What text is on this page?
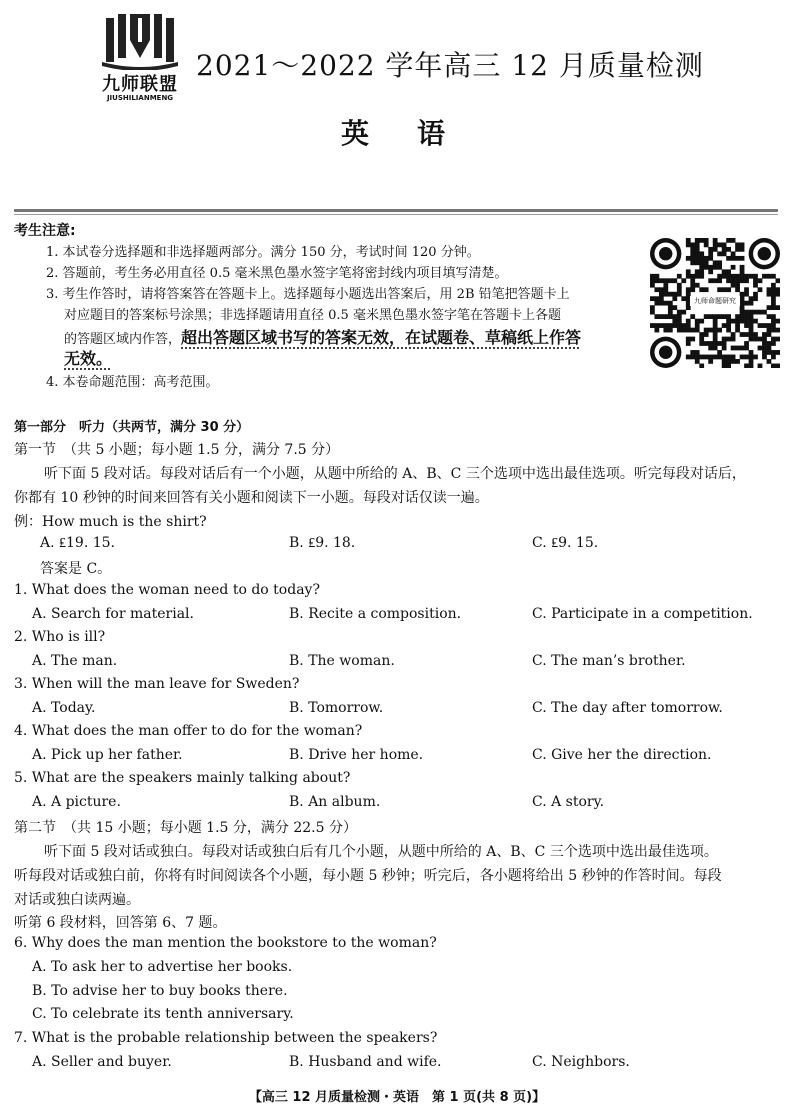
九师联盟
JIUSHILIANMENG
2021～2022 学年高三 12 月质量检测
英语
考生注意:
1. 本试卷分选择题和非选择题两部分。满分 150 分，考试时间 120 分钟。
2. 答题前，考生务必用直径 0.5 毫米黑色墨水签字笔将密封线内项目填写清楚。
3. 考生作答时，请将答案答在答题卡上。选择题每小题选出答案后，用 2B 铅笔把答题卡上
对应题目的答案标号涂黑；非选择题请用直径 0.5 毫米黑色墨水签字笔在答题卡上各题
的答题区域内作答，超出答题区域书写的答案无效，在试题卷、草稿纸上作答
无效。
4. 本卷命题范围：高考范围。
九师命题研究
第一部分　听力（共两节，满分 30 分）
第一节　（共 5 小题；每小题 1.5 分，满分 7.5 分）
听下面 5 段对话。每段对话后有一个小题，从题中所给的 A、B、C 三个选项中选出最佳选项。听完每段对话后，
你都有 10 秒钟的时间来回答有关小题和阅读下一小题。每段对话仅读一遍。
例：How much is the shirt?
A. ₤19. 15.	B. ₤9. 18.	C. ₤9. 15.
答案是 C。
1. What does the woman need to do today?
A. Search for material.	B. Recite a composition.	C. Participate in a competition.
2. Who is ill?
A. The man.	B. The woman.	C. The man’s brother.
3. When will the man leave for Sweden?
A. Today.	B. Tomorrow.	C. The day after tomorrow.
4. What does the man offer to do for the woman?
A. Pick up her father.	B. Drive her home.	C. Give her the direction.
5. What are the speakers mainly talking about?
A. A picture.	B. An album.	C. A story.
第二节　（共 15 小题；每小题 1.5 分，满分 22.5 分）
听下面 5 段对话或独白。每段对话或独白后有几个小题，从题中所给的 A、B、C 三个选项中选出最佳选项。
听每段对话或独白前，你将有时间阅读各个小题，每小题 5 秒钟；听完后，各小题将给出 5 秒钟的作答时间。每段
对话或独白读两遍。
听第 6 段材料，回答第 6、7 题。
6. Why does the man mention the bookstore to the woman?
A. To ask her to advertise her books.
B. To advise her to buy books there.
C. To celebrate its tenth anniversary.
7. What is the probable relationship between the speakers?
A. Seller and buyer.	B. Husband and wife.	C. Neighbors.
【高三 12 月质量检测・英语　第 1 页(共 8 页)】
